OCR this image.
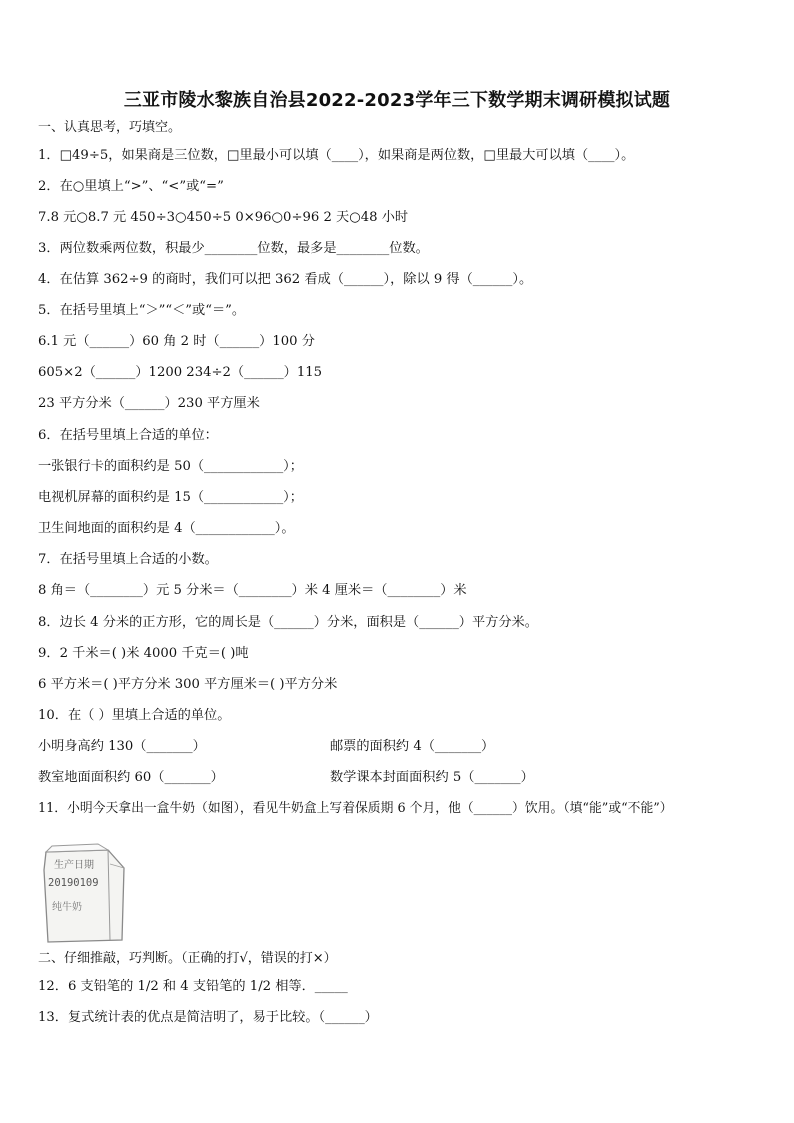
三亚市陵水黎族自治县2022-2023学年三下数学期末调研模拟试题
一、认真思考，巧填空。
1．□49÷5，如果商是三位数，□里最小可以填（____），如果商是两位数，□里最大可以填（____）。
2．在○里填上“>”、“<”或“=”
7.8 元○8.7 元 450÷3○450÷5 0×96○0÷96 2 天○48 小时
3．两位数乘两位数，积最少________位数，最多是________位数。
4．在估算 362÷9 的商时，我们可以把 362 看成（______），除以 9 得（______）。
5．在括号里填上“＞”“＜”或“＝”。
6.1 元（______）60 角 2 时（______）100 分
605×2（______）1200 234÷2（______）115
23 平方分米（______）230 平方厘米
6．在括号里填上合适的单位：
一张银行卡的面积约是 50（____________）；
电视机屏幕的面积约是 15（____________）；
卫生间地面的面积约是 4（____________）。
7．在括号里填上合适的小数。
8 角＝（________）元 5 分米＝（________）米 4 厘米＝（________）米
8．边长 4 分米的正方形，它的周长是（______）分米，面积是（______）平方分米。
9．2 千米＝( )米 4000 千克＝( )吨
6 平方米＝( )平方分米 300 平方厘米＝( )平方分米
10．在（ ）里填上合适的单位。
小明身高约 130（_______）	邮票的面积约 4（_______）
教室地面面积约 60（_______）	数学课本封面面积约 5（_______）
11．小明今天拿出一盒牛奶（如图），看见牛奶盒上写着保质期 6 个月，他（______）饮用。（填“能”或“不能”）
生产日期
20190109
纯牛奶
二、仔细推敲，巧判断。（正确的打√，错误的打×）
12．6 支铅笔的 1/2 和 4 支铅笔的 1/2 相等．_____
13．复式统计表的优点是简洁明了，易于比较。（______）
